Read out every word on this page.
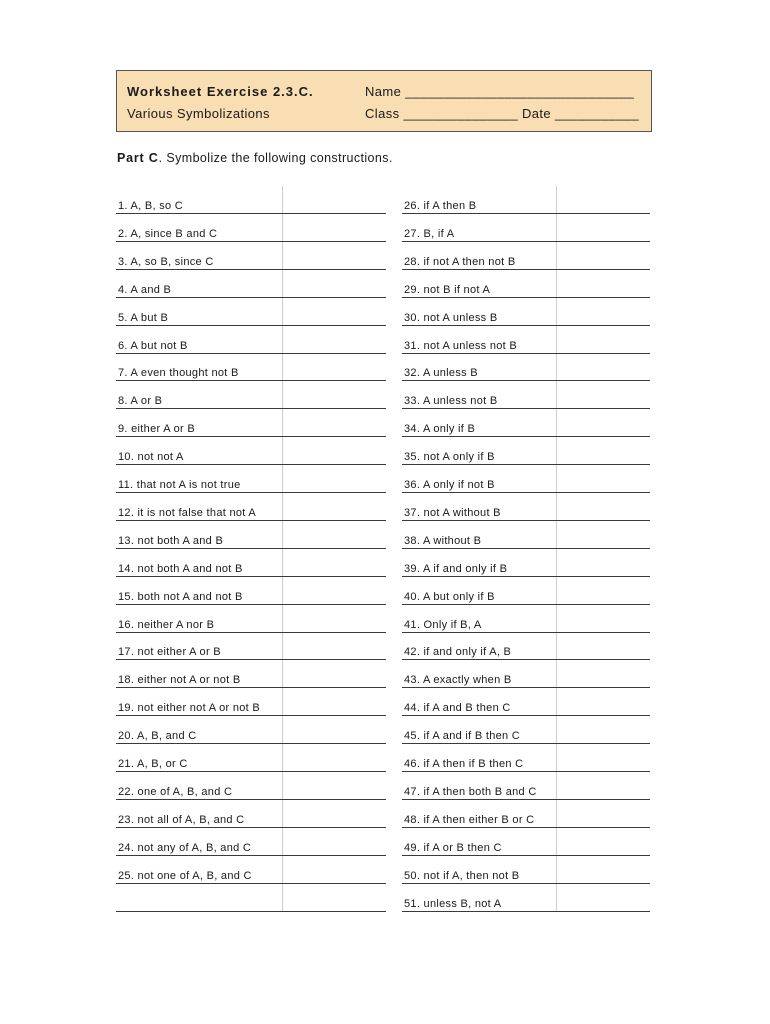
Worksheet Exercise 2.3.C.
Various Symbolizations
Name ______________________________
Class _______________ Date ___________
Part C. Symbolize the following constructions.
1. A, B, so C
2. A, since B and C
3. A, so B, since C
4. A and B
5. A but B
6. A but not B
7. A even thought not B
8. A or B
9. either A or B
10. not not A
11. that not A is not true
12. it is not false that not A
13. not both A and B
14. not both A and not B
15. both not A and not B
16. neither A nor B
17. not either A or B
18. either not A or not B
19. not either not A or not B
20. A, B, and C
21. A, B, or C
22. one of A, B, and C
23. not all of A, B, and C
24. not any of A, B, and C
25. not one of A, B, and C
26. if A then B
27. B, if A
28. if not A then not B
29. not B if not A
30. not A unless B
31. not A unless not B
32. A unless B
33. A unless not B
34. A only if B
35. not A only if B
36. A only if not B
37. not A without B
38. A without B
39. A if and only if B
40. A but only if B
41. Only if B, A
42. if and only if A, B
43. A exactly when B
44. if A and B then C
45. if A and if B then C
46. if A then if B then C
47. if A then both B and C
48. if A then either B or C
49. if A or B then C
50. not if A, then not B
51. unless B, not A
